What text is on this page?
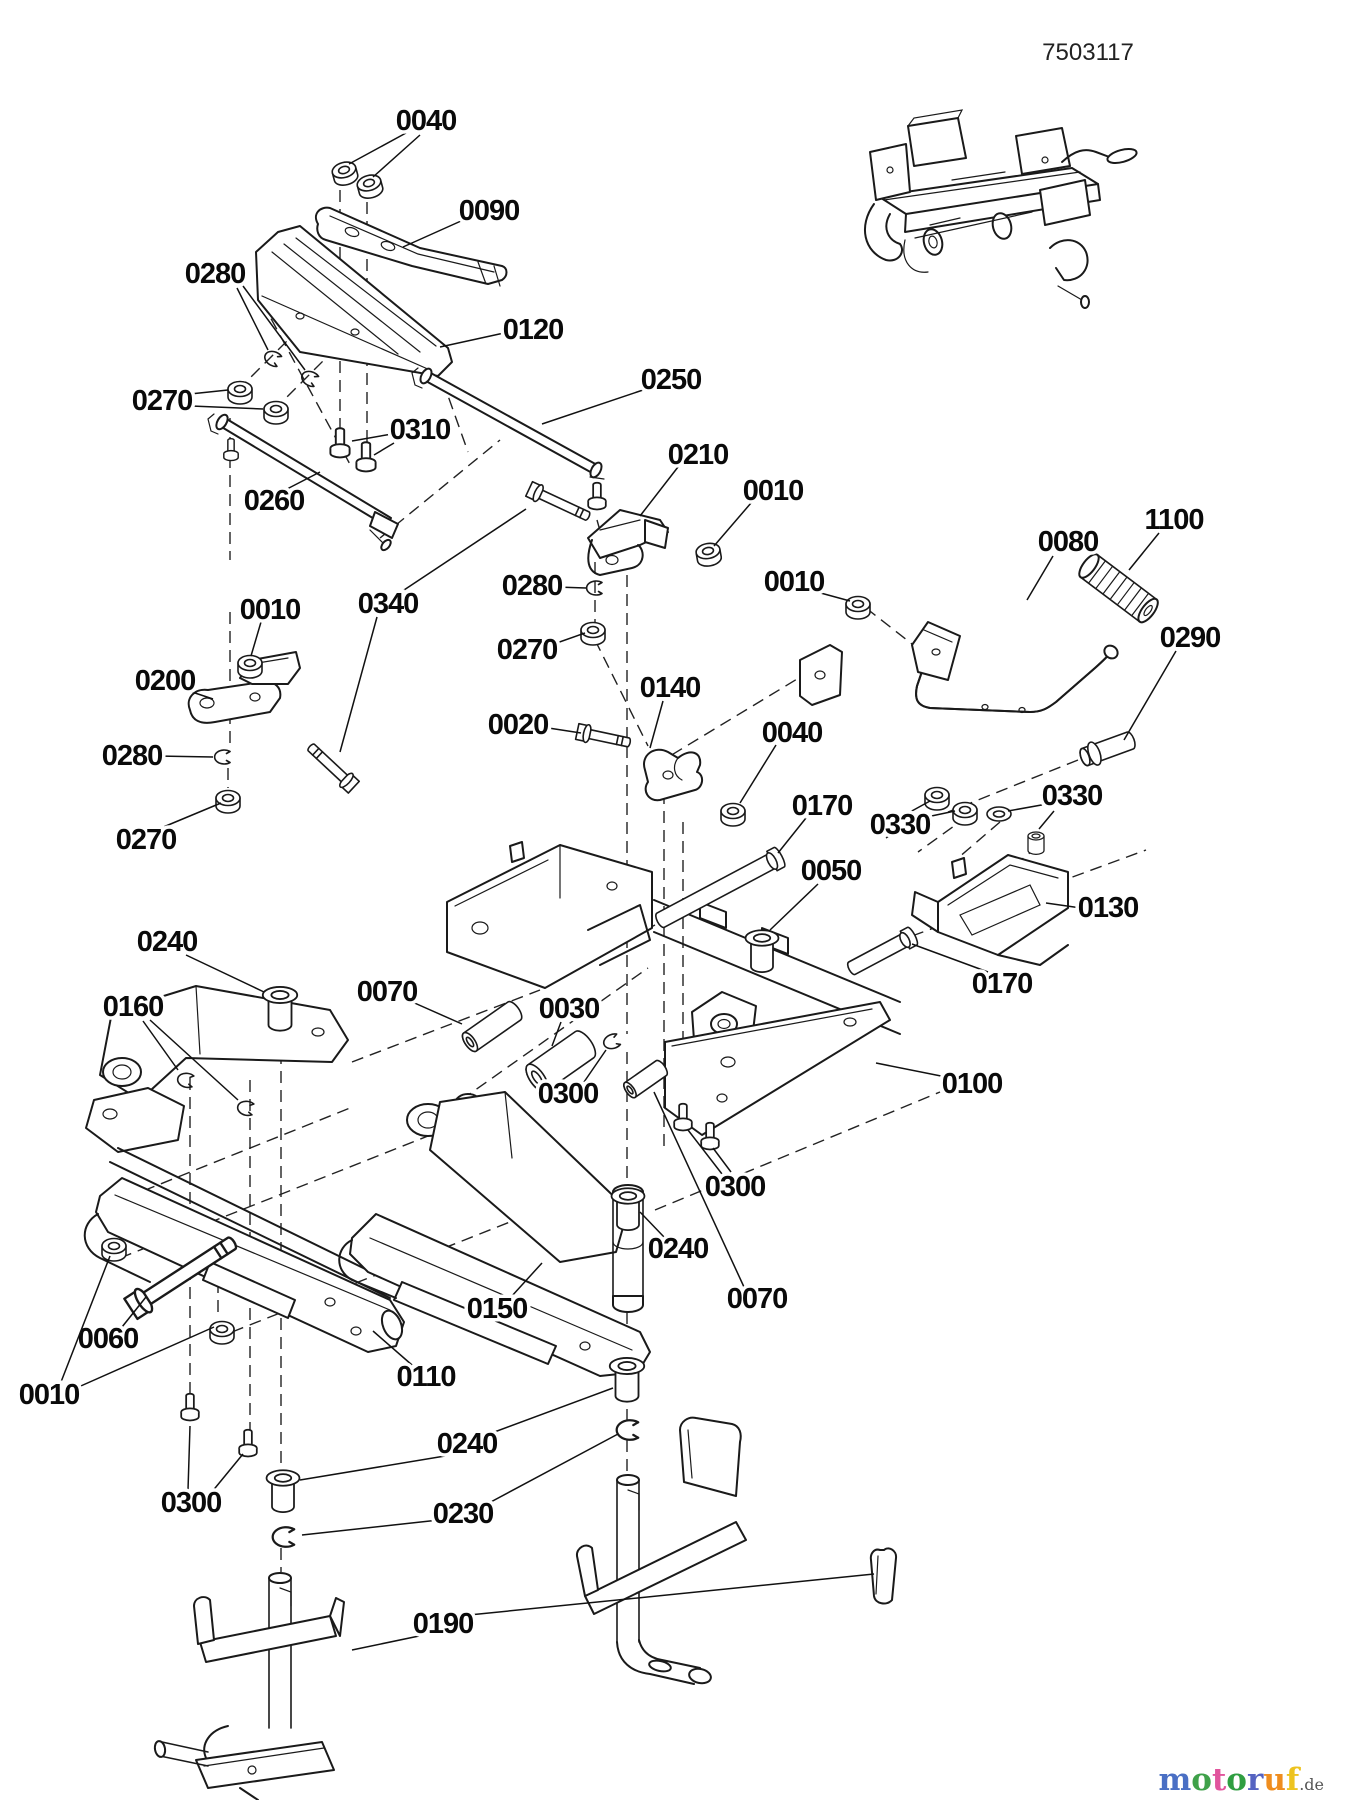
0040
0090
0280
0120
0270
0250
0310
0210
0010
0260
0340
0280
0270
0010
0200
0280
0270
0010
0080
1100
0290
0140
0020	0040
0170
0330
0330
0050
0130
0030
0300	0100
0170
0240
0160	0070
0300
0240
0070
0150
0110
0060
0010
0300
0240
0230
0190
7503117
motoruf.de
